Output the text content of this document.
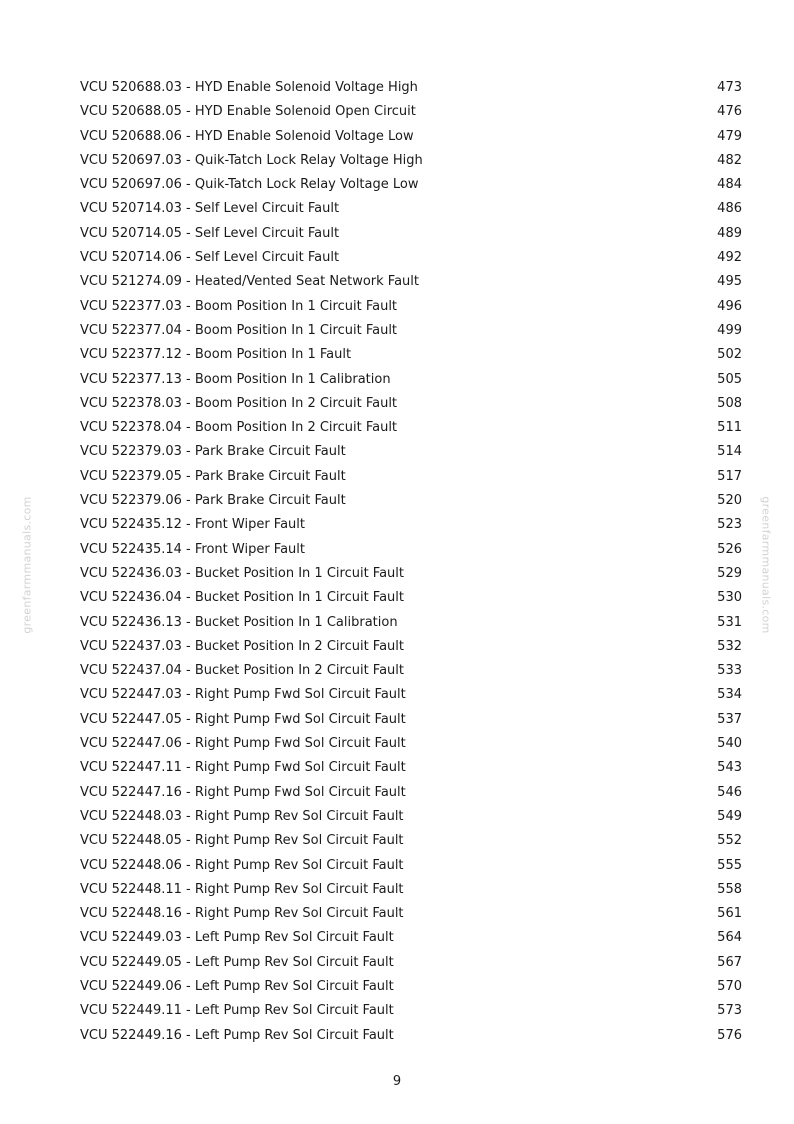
greenfarmmanuals.com	greenfarmmanuals.com
VCU 520688.03 - HYD Enable Solenoid Voltage High	473
VCU 520688.05 - HYD Enable Solenoid Open Circuit	476
VCU 520688.06 - HYD Enable Solenoid Voltage Low	479
VCU 520697.03 - Quik-Tatch Lock Relay Voltage High	482
VCU 520697.06 - Quik-Tatch Lock Relay Voltage Low	484
VCU 520714.03 - Self Level Circuit Fault	486
VCU 520714.05 - Self Level Circuit Fault	489
VCU 520714.06 - Self Level Circuit Fault	492
VCU 521274.09 - Heated/Vented Seat Network Fault	495
VCU 522377.03 - Boom Position In 1 Circuit Fault	496
VCU 522377.04 - Boom Position In 1 Circuit Fault	499
VCU 522377.12 - Boom Position In 1 Fault	502
VCU 522377.13 - Boom Position In 1 Calibration	505
VCU 522378.03 - Boom Position In 2 Circuit Fault	508
VCU 522378.04 - Boom Position In 2 Circuit Fault	511
VCU 522379.03 - Park Brake Circuit Fault	514
VCU 522379.05 - Park Brake Circuit Fault	517
VCU 522379.06 - Park Brake Circuit Fault	520
VCU 522435.12 - Front Wiper Fault	523
VCU 522435.14 - Front Wiper Fault	526
VCU 522436.03 - Bucket Position In 1 Circuit Fault	529
VCU 522436.04 - Bucket Position In 1 Circuit Fault	530
VCU 522436.13 - Bucket Position In 1 Calibration	531
VCU 522437.03 - Bucket Position In 2 Circuit Fault	532
VCU 522437.04 - Bucket Position In 2 Circuit Fault	533
VCU 522447.03 - Right Pump Fwd Sol Circuit Fault	534
VCU 522447.05 - Right Pump Fwd Sol Circuit Fault	537
VCU 522447.06 - Right Pump Fwd Sol Circuit Fault	540
VCU 522447.11 - Right Pump Fwd Sol Circuit Fault	543
VCU 522447.16 - Right Pump Fwd Sol Circuit Fault	546
VCU 522448.03 - Right Pump Rev Sol Circuit Fault	549
VCU 522448.05 - Right Pump Rev Sol Circuit Fault	552
VCU 522448.06 - Right Pump Rev Sol Circuit Fault	555
VCU 522448.11 - Right Pump Rev Sol Circuit Fault	558
VCU 522448.16 - Right Pump Rev Sol Circuit Fault	561
VCU 522449.03 - Left Pump Rev Sol Circuit Fault	564
VCU 522449.05 - Left Pump Rev Sol Circuit Fault	567
VCU 522449.06 - Left Pump Rev Sol Circuit Fault	570
VCU 522449.11 - Left Pump Rev Sol Circuit Fault	573
VCU 522449.16 - Left Pump Rev Sol Circuit Fault	576
9
